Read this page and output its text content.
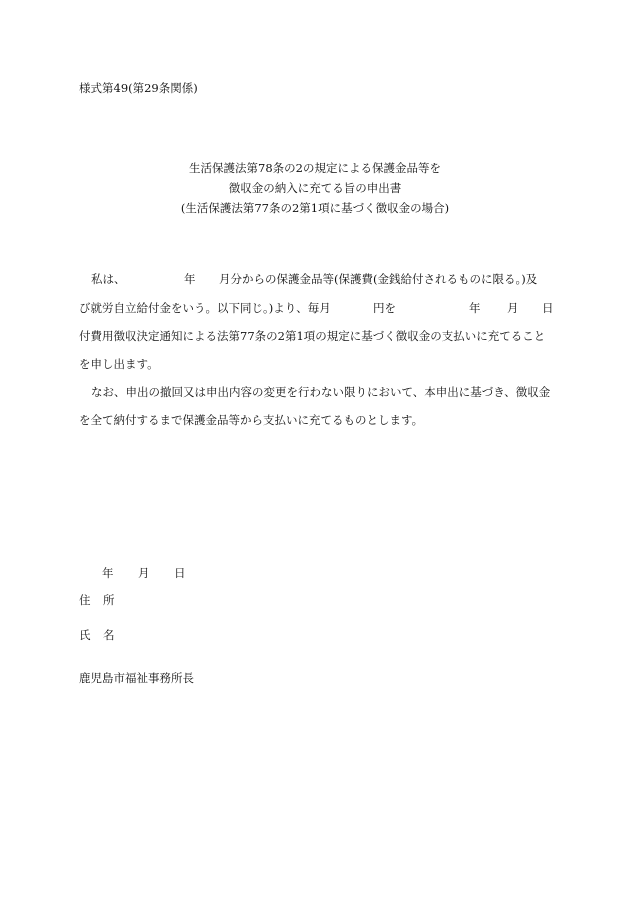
様式第49(第29条関係)
生活保護法第78条の2の規定による保護金品等を
徴収金の納入に充てる旨の申出書
(生活保護法第77条の2第1項に基づく徴収金の場合)
私は、	年 月分からの保護金品等(保護費(金銭給付されるものに限る。)及
び就労自立給付金をいう。以下同じ。)より、毎月	円を	年 月 日
付費用徴収決定通知による法第77条の2第1項の規定に基づく徴収金の支払いに充てること
を申し出ます。
なお、申出の撤回又は申出内容の変更を行わない限りにおいて、本申出に基づき、徴収金
を全て納付するまで保護金品等から支払いに充てるものとします。
年 月 日
住 所
氏 名
鹿児島市福祉事務所長
